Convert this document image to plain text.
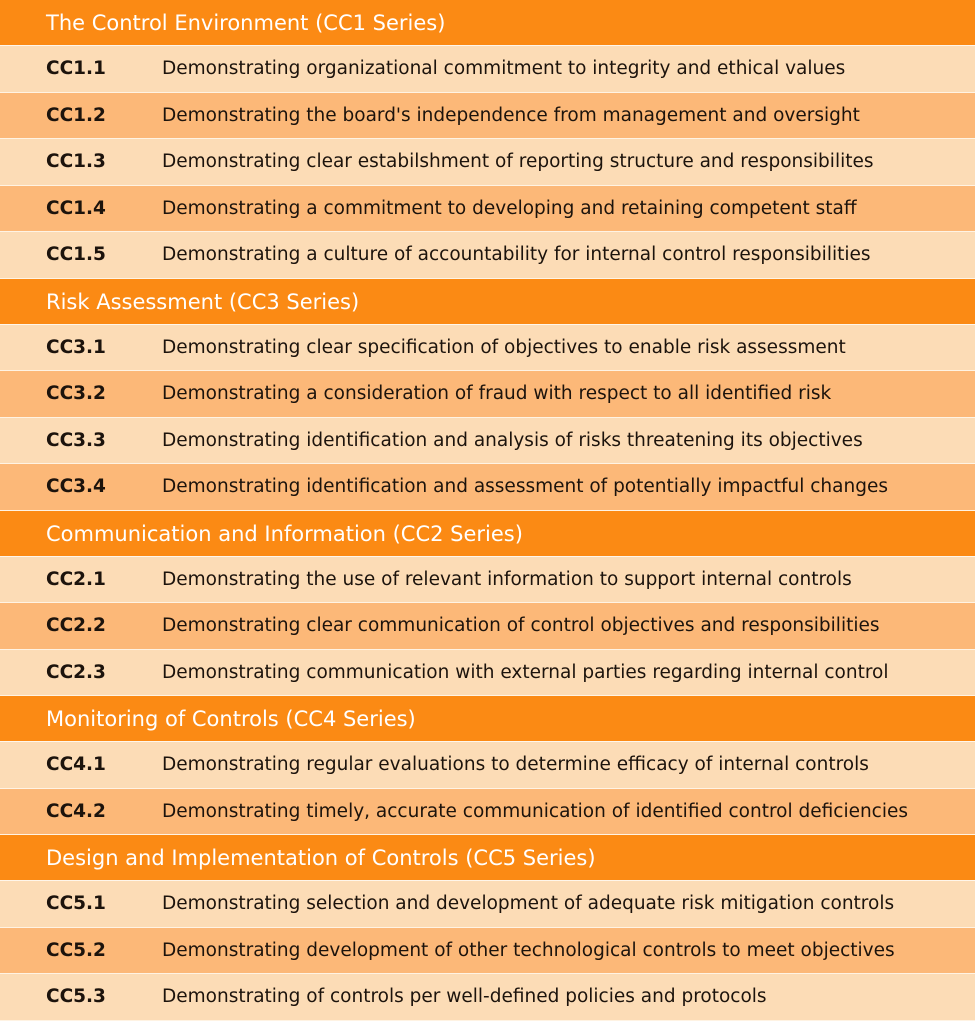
The Control Environment (CC1 Series)
CC1.1	Demonstrating organizational commitment to integrity and ethical values
CC1.2	Demonstrating the board's independence from management and oversight
CC1.3	Demonstrating clear estabilshment of reporting structure and responsibilites
CC1.4	Demonstrating a commitment to developing and retaining competent staff
CC1.5	Demonstrating a culture of accountability for internal control responsibilities
Risk Assessment (CC3 Series)
CC3.1	Demonstrating clear specification of objectives to enable risk assessment
CC3.2	Demonstrating a consideration of fraud with respect to all identified risk
CC3.3	Demonstrating identification and analysis of risks threatening its objectives
CC3.4	Demonstrating identification and assessment of potentially impactful changes
Communication and Information (CC2 Series)
CC2.1	Demonstrating the use of relevant information to support internal controls
CC2.2	Demonstrating clear communication of control objectives and responsibilities
CC2.3	Demonstrating communication with external parties regarding internal control
Monitoring of Controls (CC4 Series)
CC4.1	Demonstrating regular evaluations to determine efficacy of internal controls
CC4.2	Demonstrating timely, accurate communication of identified control deficiencies
Design and Implementation of Controls (CC5 Series)
CC5.1	Demonstrating selection and development of adequate risk mitigation controls
CC5.2	Demonstrating development of other technological controls to meet objectives
CC5.3	Demonstrating of controls per well-defined policies and protocols
